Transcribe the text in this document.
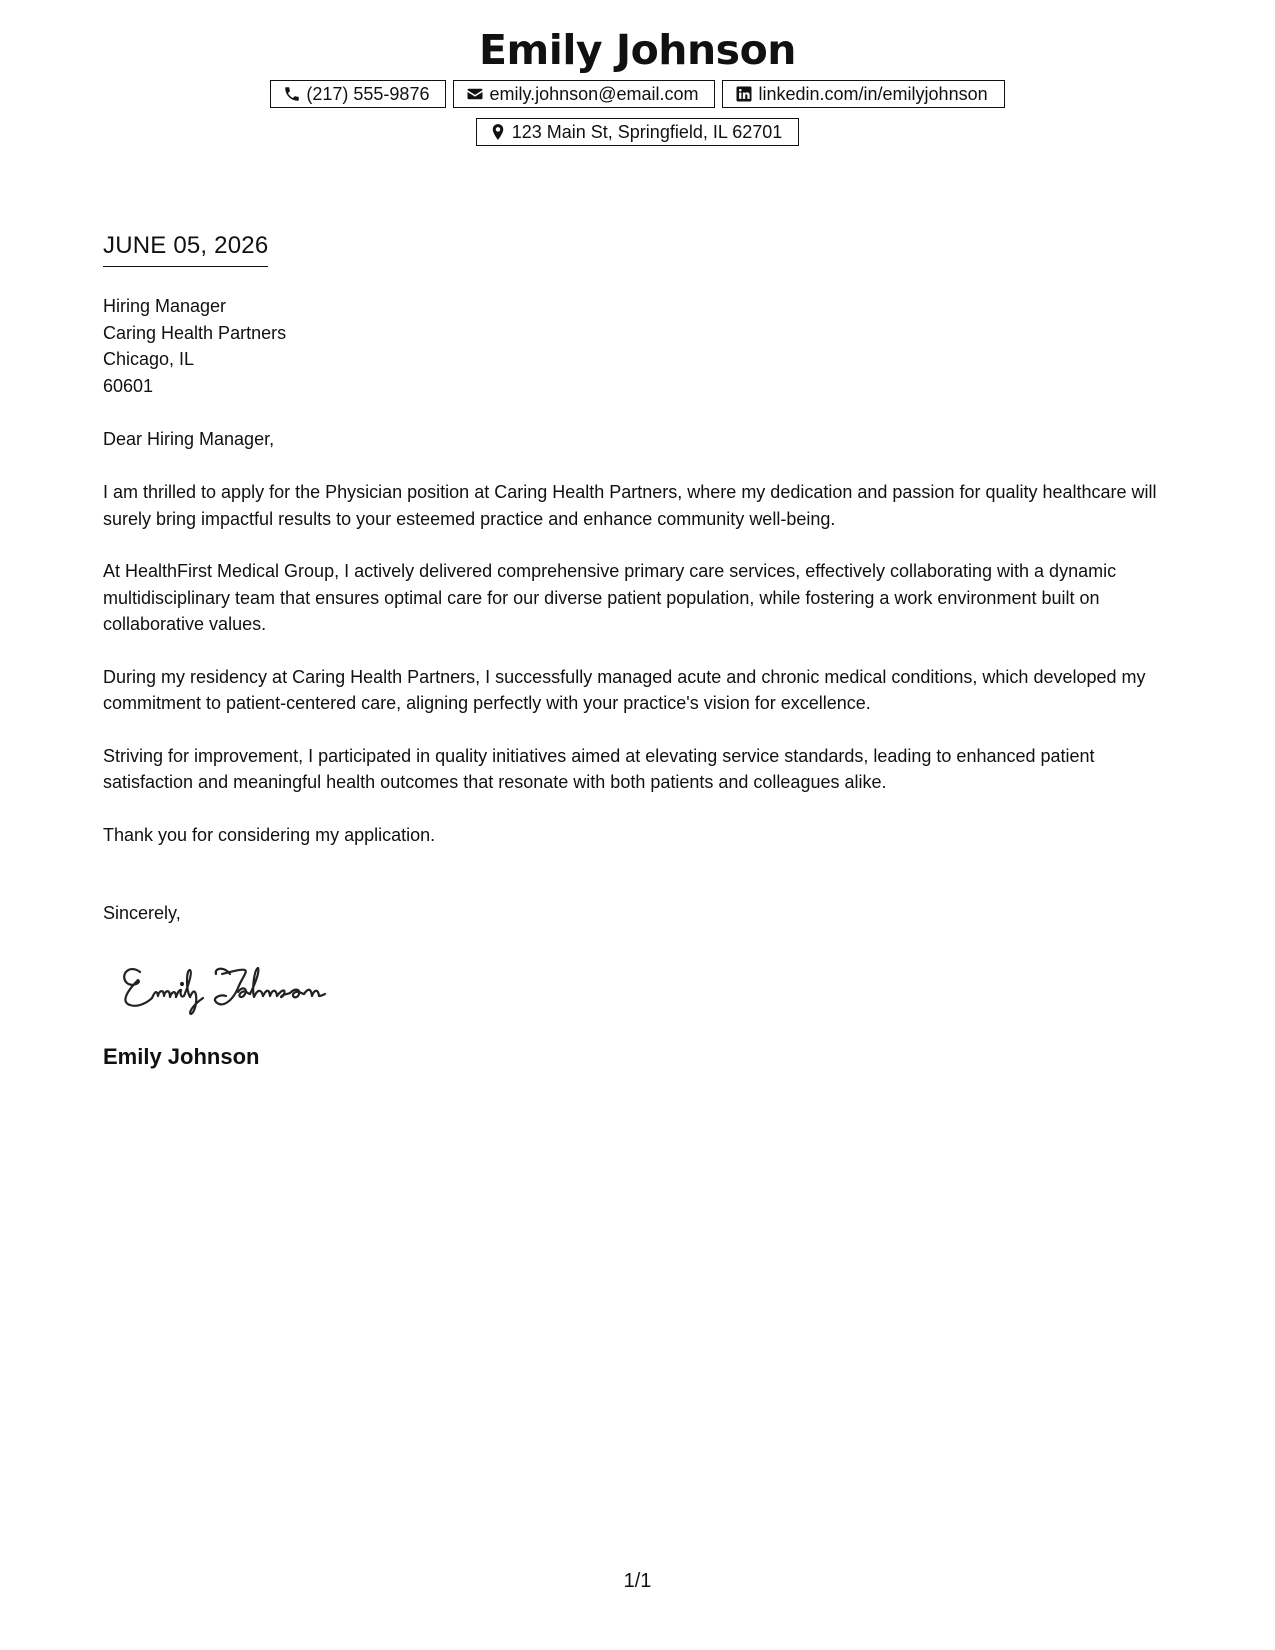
Emily Johnson
(217) 555-9876	emily.johnson@email.com	linkedin.com/in/emilyjohnson
123 Main St, Springfield, IL 62701
JUNE 05, 2026
Hiring Manager
Caring Health Partners
Chicago, IL
60601
Dear Hiring Manager,

I am thrilled to apply for the Physician position at Caring Health Partners, where my dedication and passion for quality healthcare will surely bring impactful results to your esteemed practice and enhance community well-being.

At HealthFirst Medical Group, I actively delivered comprehensive primary care services, effectively collaborating with a dynamic multidisciplinary team that ensures optimal care for our diverse patient population, while fostering a work environment built on collaborative values.

During my residency at Caring Health Partners, I successfully managed acute and chronic medical conditions, which developed my commitment to patient-centered care, aligning perfectly with your practice's vision for excellence.

Striving for improvement, I participated in quality initiatives aimed at elevating service standards, leading to enhanced patient satisfaction and meaningful health outcomes that resonate with both patients and colleagues alike.

Thank you for considering my application.

Sincerely,
Emily Johnson
1/1
